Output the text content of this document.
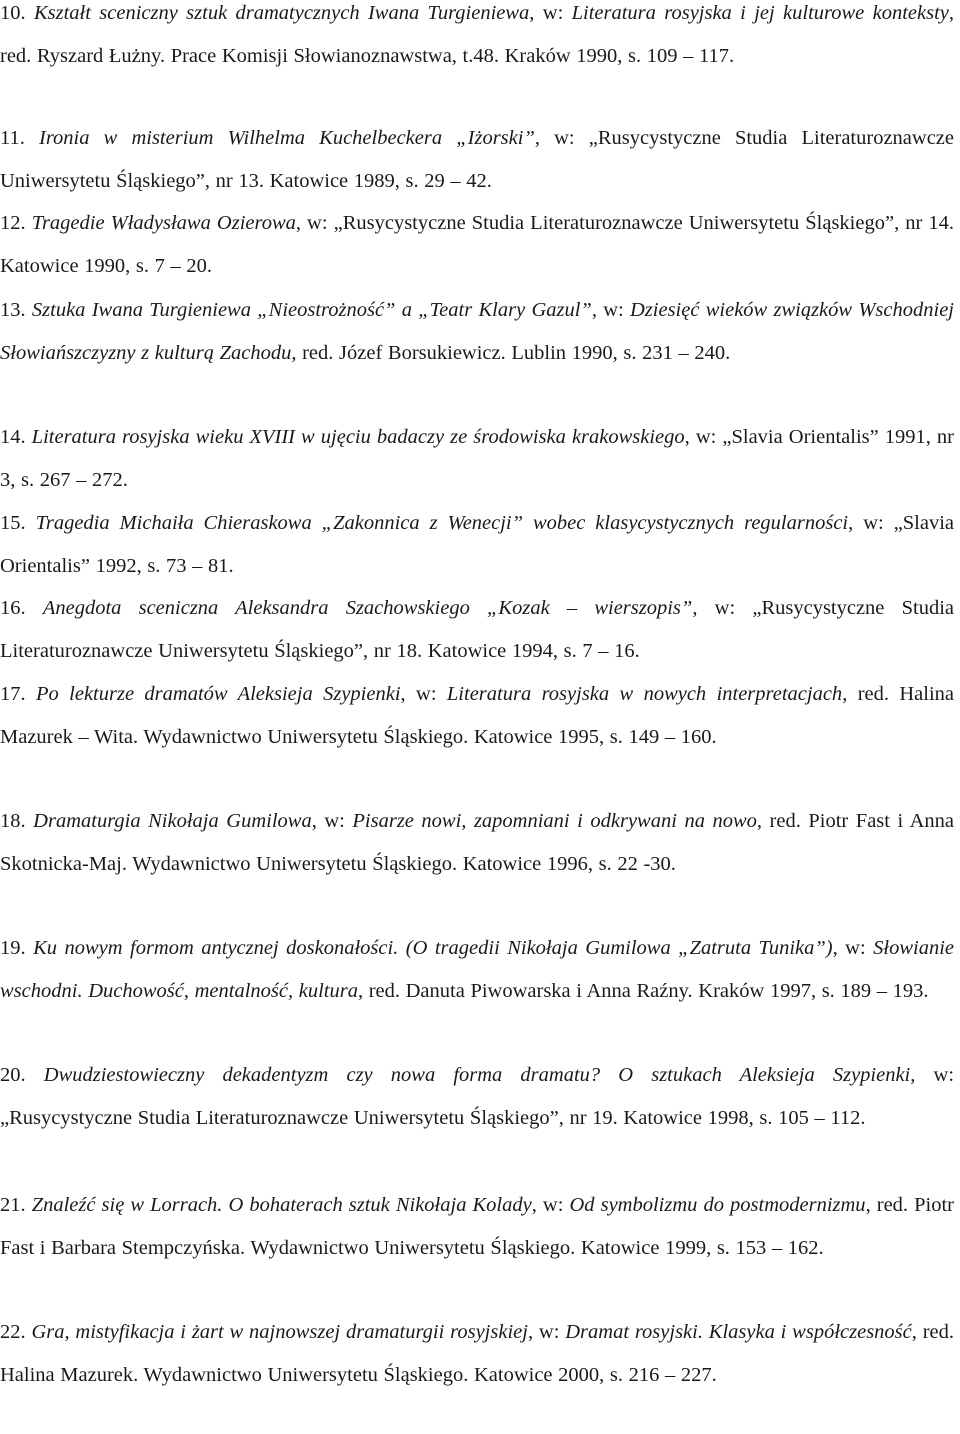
10. Kształt sceniczny sztuk dramatycznych Iwana Turgieniewa, w: Literatura rosyjska i jej kulturowe konteksty, red. Ryszard Łużny. Prace Komisji Słowianoznawstwa, t.48. Kraków 1990, s. 109 – 117.
11. Ironia w misterium Wilhelma Kuchelbeckera „Iżorski”, w: „Rusycystyczne Studia Literaturoznawcze Uniwersytetu Śląskiego”, nr 13. Katowice 1989, s. 29 – 42.
12. Tragedie Władysława Ozierowa, w: „Rusycystyczne Studia Literaturoznawcze Uniwersytetu Śląskiego”, nr 14. Katowice 1990, s. 7 – 20.
13. Sztuka Iwana Turgieniewa „Nieostrożność” a „Teatr Klary Gazul”, w: Dziesięć wieków związków Wschodniej Słowiańszczyzny z kulturą Zachodu, red. Józef Borsukiewicz. Lublin 1990, s. 231 – 240.
14. Literatura rosyjska wieku XVIII w ujęciu badaczy ze środowiska krakowskiego, w: „Slavia Orientalis” 1991, nr 3, s. 267 – 272.
15. Tragedia Michaiła Chieraskowa „Zakonnica z Wenecji” wobec klasycystycznych regularności, w: „Slavia Orientalis” 1992, s. 73 – 81.
16. Anegdota sceniczna Aleksandra Szachowskiego „Kozak – wierszopis”, w: „Rusycystyczne Studia Literaturoznawcze Uniwersytetu Śląskiego”, nr 18. Katowice 1994, s. 7 – 16.
17. Po lekturze dramatów Aleksieja Szypienki, w: Literatura rosyjska w nowych interpretacjach, red. Halina Mazurek – Wita. Wydawnictwo Uniwersytetu Śląskiego. Katowice 1995, s. 149 – 160.
18. Dramaturgia Nikołaja Gumilowa, w: Pisarze nowi, zapomniani i odkrywani na nowo, red. Piotr Fast i Anna Skotnicka-Maj. Wydawnictwo Uniwersytetu Śląskiego. Katowice 1996, s. 22 -30.
19. Ku nowym formom antycznej doskonałości. (O tragedii Nikołaja Gumilowa „Zatruta Tunika”), w: Słowianie wschodni. Duchowość, mentalność, kultura, red. Danuta Piwowarska i Anna Raźny. Kraków 1997, s. 189 – 193.
20. Dwudziestowieczny dekadentyzm czy nowa forma dramatu? O sztukach Aleksieja Szypienki, w: „Rusycystyczne Studia Literaturoznawcze Uniwersytetu Śląskiego”, nr 19. Katowice 1998, s. 105 – 112.
21. Znaleźć się w Lorrach. O bohaterach sztuk Nikołaja Kolady, w: Od symbolizmu do postmodernizmu, red. Piotr Fast i Barbara Stempczyńska. Wydawnictwo Uniwersytetu Śląskiego. Katowice 1999, s. 153 – 162.
22. Gra, mistyfikacja i żart w najnowszej dramaturgii rosyjskiej, w: Dramat rosyjski. Klasyka i współczesność, red. Halina Mazurek. Wydawnictwo Uniwersytetu Śląskiego. Katowice 2000, s. 216 – 227.
